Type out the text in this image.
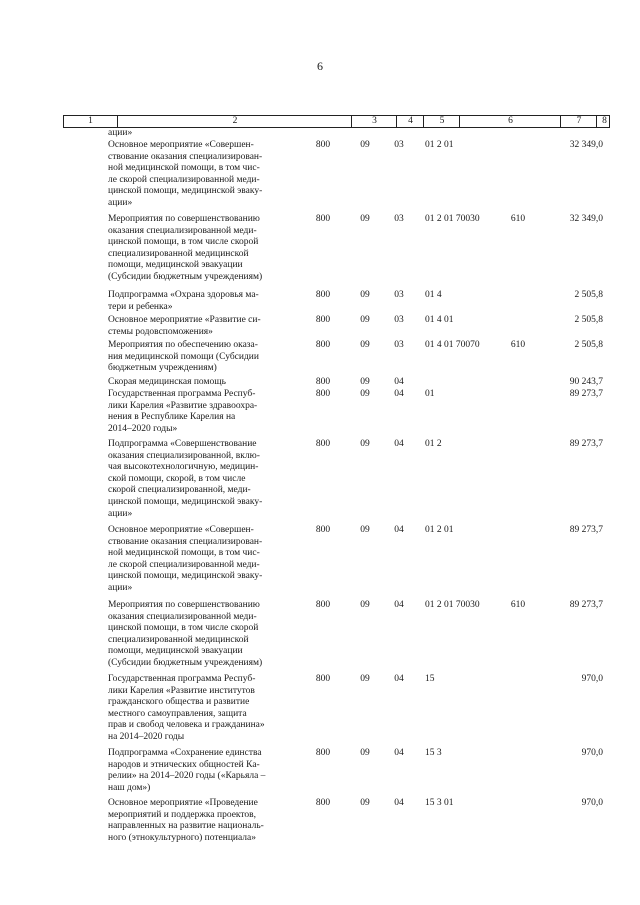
6
1	2	3	4	5	6	7	8
ации»
Основное мероприятие «Совершен-
ствование оказания специализирован-
ной медицинской помощи, в том чис-
ле скорой специализированной меди-
цинской помощи, медицинской эваку-
ации»
800	09	03	01 2 01	32 349,0
Мероприятия по совершенствованию
оказания специализированной меди-
цинской помощи, в том числе скорой
специализированной медицинской
помощи, медицинской эвакуации
(Субсидии бюджетным учреждениям)
800	09	03	01 2 01 70030	610	32 349,0
Подпрограмма «Охрана здоровья ма-
тери и ребенка»
800	09	03	01 4	2 505,8
Основное мероприятие «Развитие си-
стемы родовспоможения»
800	09	03	01 4 01	2 505,8
Мероприятия по обеспечению оказа-
ния медицинской помощи (Субсидии
бюджетным учреждениям)
800	09	03	01 4 01 70070	610	2 505,8
Скорая медицинская помощь	800	09	04	90 243,7
Государственная программа Респуб-
лики Карелия «Развитие здравоохра-
нения в Республике Карелия на
2014–2020 годы»
800	09	04	01	89 273,7
Подпрограмма «Совершенствование
оказания специализированной, вклю-
чая высокотехнологичную, медицин-
ской помощи, скорой, в том числе
скорой специализированной, меди-
цинской помощи, медицинской эваку-
ации»
800	09	04	01 2	89 273,7
Основное мероприятие «Совершен-
ствование оказания специализирован-
ной медицинской помощи, в том чис-
ле скорой специализированной меди-
цинской помощи, медицинской эваку-
ации»
800	09	04	01 2 01	89 273,7
Мероприятия по совершенствованию
оказания специализированной меди-
цинской помощи, в том числе скорой
специализированной медицинской
помощи, медицинской эвакуации
(Субсидии бюджетным учреждениям)
800	09	04	01 2 01 70030	610	89 273,7
Государственная программа Респуб-
лики Карелия «Развитие институтов
гражданского общества и развитие
местного самоуправления, защита
прав и свобод человека и гражданина»
на 2014–2020 годы
800	09	04	15	970,0
Подпрограмма «Сохранение единства
народов и этнических общностей Ка-
релии» на 2014–2020 годы («Карьяла –
наш дом»)
800	09	04	15 3	970,0
Основное мероприятие «Проведение
мероприятий и поддержка проектов,
направленных на развитие националь-
ного (этнокультурного) потенциала»
800	09	04	15 3 01	970,0
